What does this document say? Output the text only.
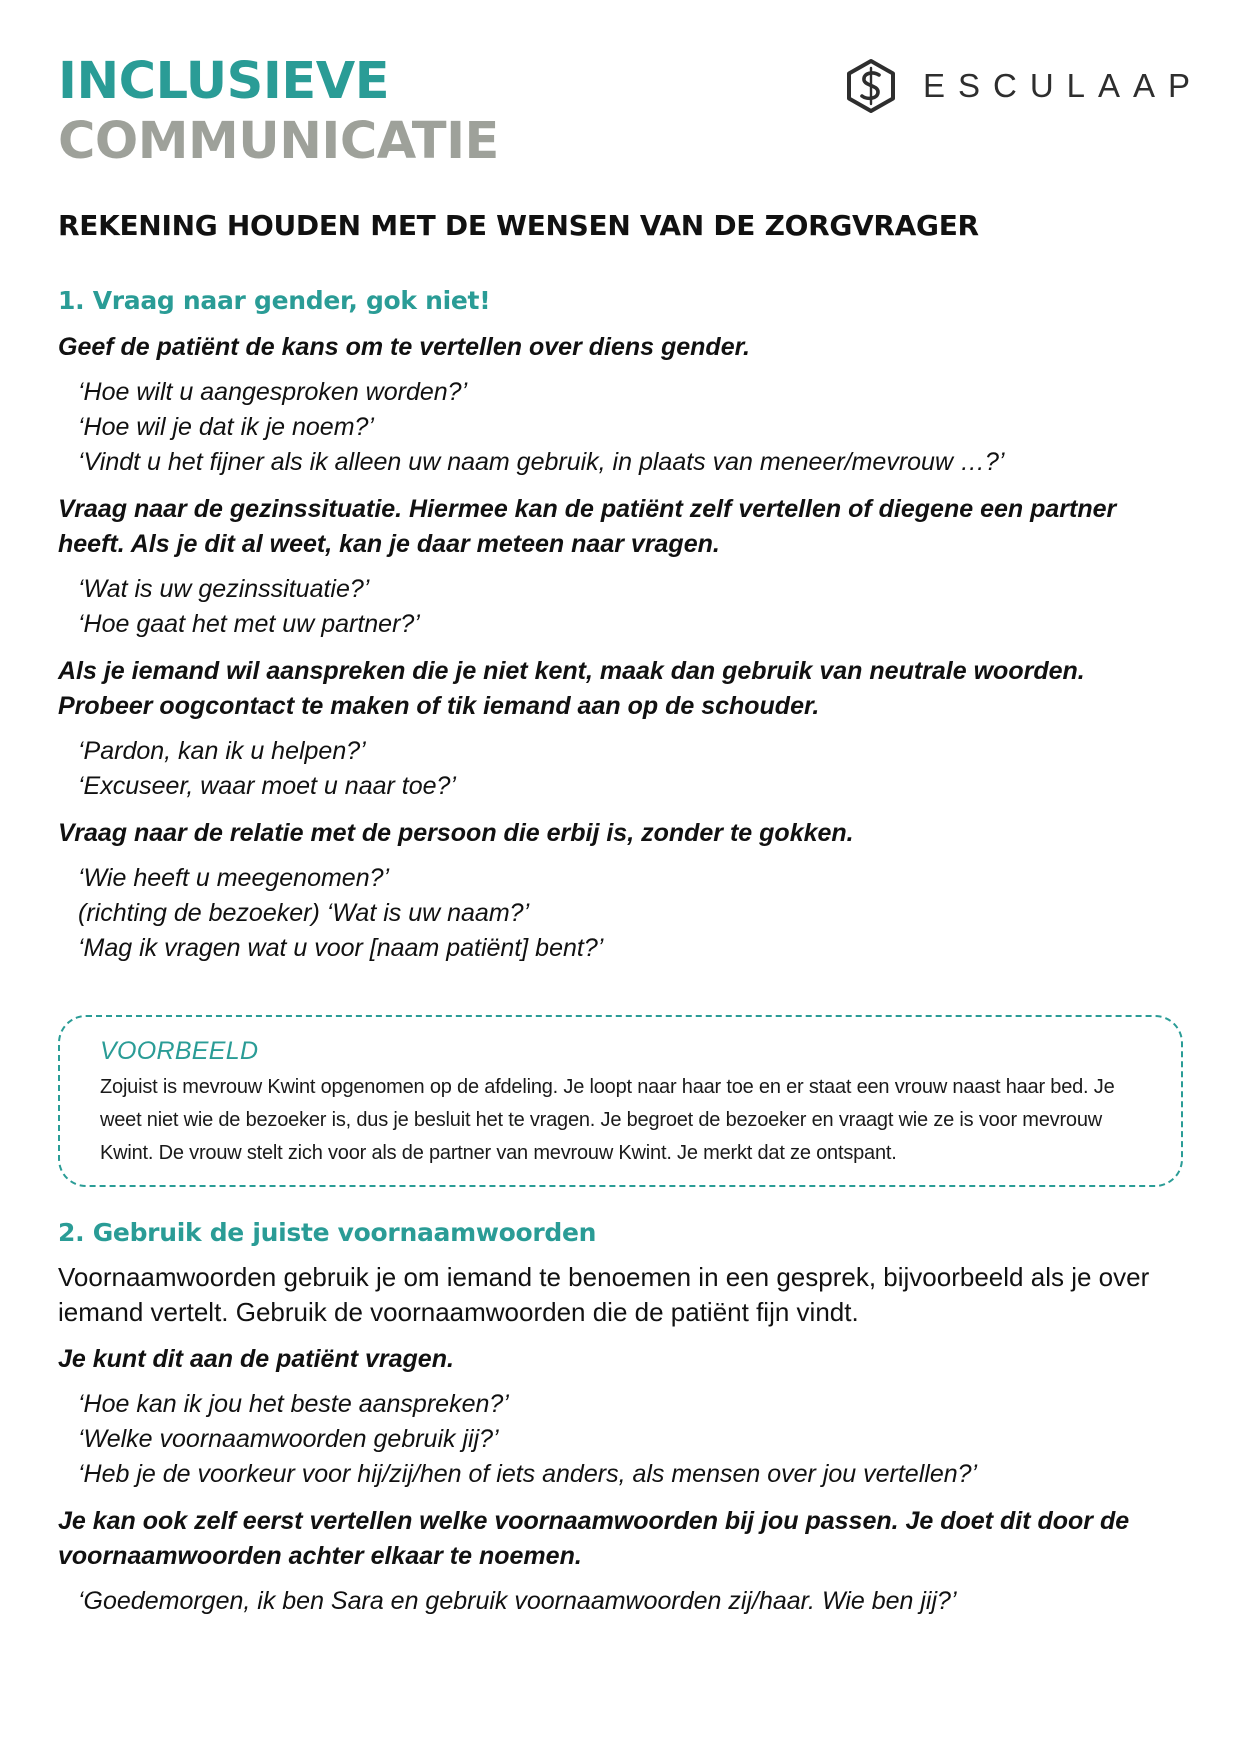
INCLUSIEVE
COMMUNICATIE
ESCULAAP
REKENING HOUDEN MET DE WENSEN VAN DE ZORGVRAGER
1. Vraag naar gender, gok niet!

Geef de patiënt de kans om te vertellen over diens gender.

‘Hoe wilt u aangesproken worden?’
‘Hoe wil je dat ik je noem?’
‘Vindt u het fijner als ik alleen uw naam gebruik, in plaats van meneer/mevrouw …?’

Vraag naar de gezinssituatie. Hiermee kan de patiënt zelf vertellen of diegene een partner heeft. Als je dit al weet, kan je daar meteen naar vragen.

‘Wat is uw gezinssituatie?’
‘Hoe gaat het met uw partner?’

Als je iemand wil aanspreken die je niet kent, maak dan gebruik van neutrale woorden. Probeer oogcontact te maken of tik iemand aan op de schouder.

‘Pardon, kan ik u helpen?’
‘Excuseer, waar moet u naar toe?’

Vraag naar de relatie met de persoon die erbij is, zonder te gokken.

‘Wie heeft u meegenomen?’
(richting de bezoeker) ‘Wat is uw naam?’
‘Mag ik vragen wat u voor [naam patiënt] bent?’

VOORBEELD

Zojuist is mevrouw Kwint opgenomen op de afdeling. Je loopt naar haar toe en er staat een vrouw naast haar bed. Je weet niet wie de bezoeker is, dus je besluit het te vragen. Je begroet de bezoeker en vraagt wie ze is voor mevrouw Kwint. De vrouw stelt zich voor als de partner van mevrouw Kwint. Je merkt dat ze ontspant.

2. Gebruik de juiste voornaamwoorden

Voornaamwoorden gebruik je om iemand te benoemen in een gesprek, bijvoorbeeld als je over iemand vertelt. Gebruik de voornaamwoorden die de patiënt fijn vindt.

Je kunt dit aan de patiënt vragen.

‘Hoe kan ik jou het beste aanspreken?’
‘Welke voornaamwoorden gebruik jij?’
‘Heb je de voorkeur voor hij/zij/hen of iets anders, als mensen over jou vertellen?’

Je kan ook zelf eerst vertellen welke voornaamwoorden bij jou passen. Je doet dit door de voornaamwoorden achter elkaar te noemen.

‘Goedemorgen, ik ben Sara en gebruik voornaamwoorden zij/haar. Wie ben jij?’
